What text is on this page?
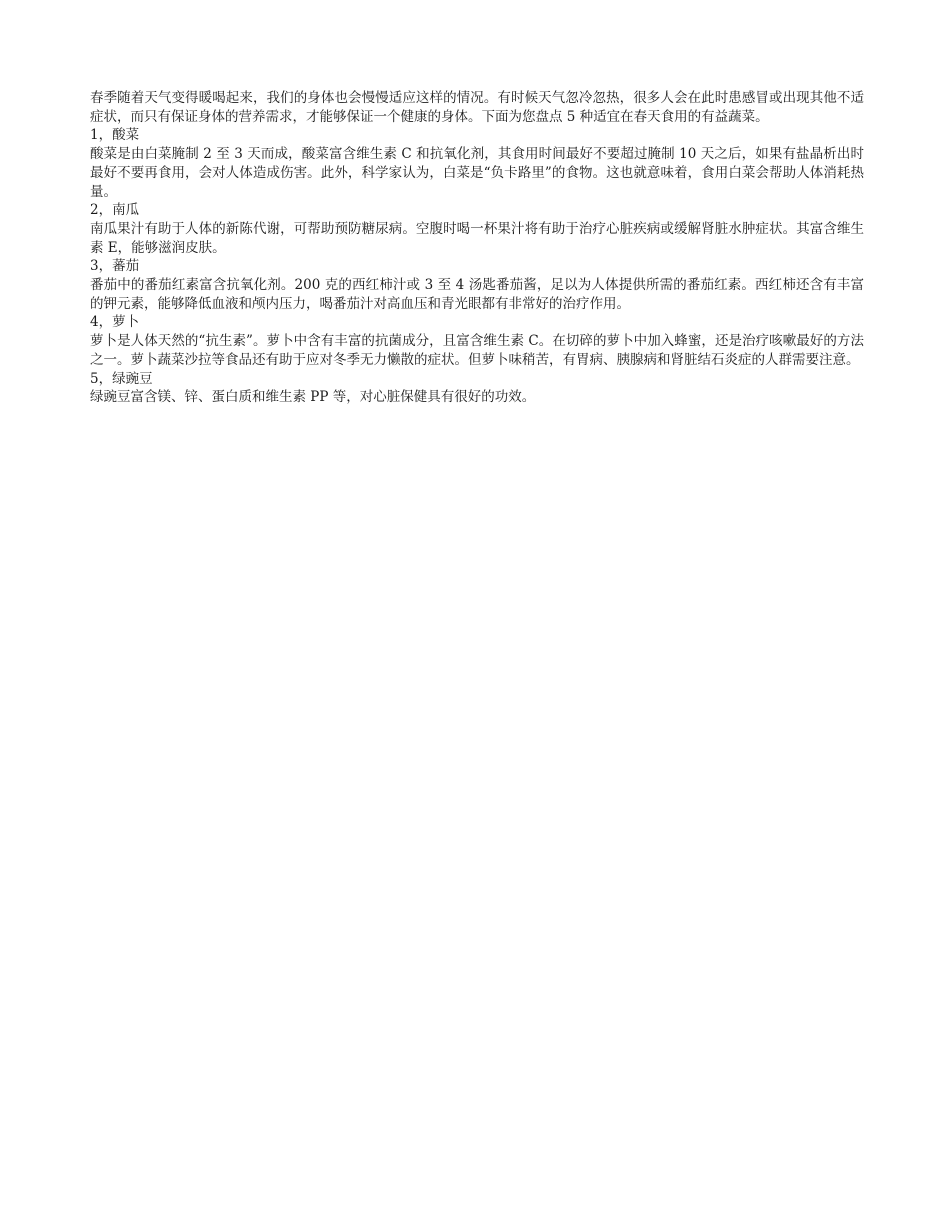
春季随着天气变得暖喝起来，我们的身体也会慢慢适应这样的情况。有时候天气忽冷忽热，很多人会在此时患感冒或出现其他不适症状，而只有保证身体的营养需求，才能够保证一个健康的身体。下面为您盘点 5 种适宜在春天食用的有益蔬菜。

1，酸菜

酸菜是由白菜腌制 2 至 3 天而成，酸菜富含维生素 C 和抗氧化剂，其食用时间最好不要超过腌制 10 天之后，如果有盐晶析出时最好不要再食用，会对人体造成伤害。此外，科学家认为，白菜是“负卡路里”的食物。这也就意味着，食用白菜会帮助人体消耗热量。

2，南瓜

南瓜果汁有助于人体的新陈代谢，可帮助预防糖尿病。空腹时喝一杯果汁将有助于治疗心脏疾病或缓解肾脏水肿症状。其富含维生素 E，能够滋润皮肤。

3，蕃茄

番茄中的番茄红素富含抗氧化剂。200 克的西红柿汁或 3 至 4 汤匙番茄酱，足以为人体提供所需的番茄红素。西红柿还含有丰富的钾元素，能够降低血液和颅内压力，喝番茄汁对高血压和青光眼都有非常好的治疗作用。

4，萝卜

萝卜是人体天然的“抗生素”。萝卜中含有丰富的抗菌成分，且富含维生素 C。在切碎的萝卜中加入蜂蜜，还是治疗咳嗽最好的方法之一。萝卜蔬菜沙拉等食品还有助于应对冬季无力懒散的症状。但萝卜味稍苦，有胃病、胰腺病和肾脏结石炎症的人群需要注意。

5，绿豌豆

绿豌豆富含镁、锌、蛋白质和维生素 PP 等，对心脏保健具有很好的功效。
